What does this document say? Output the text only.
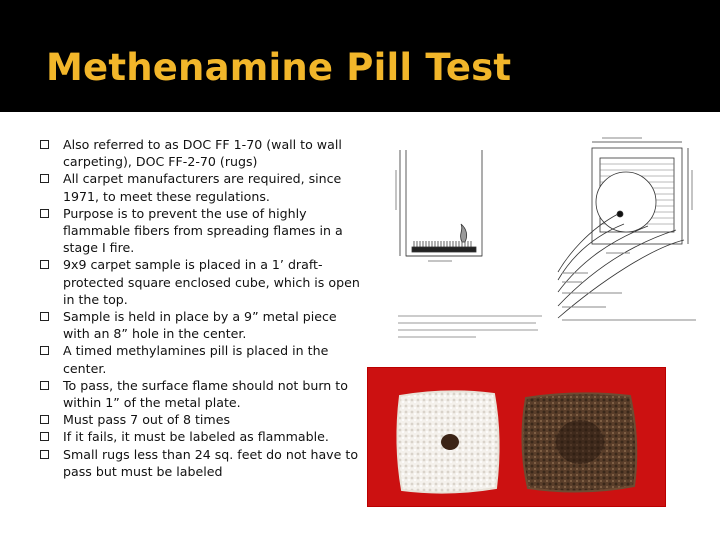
Methenamine Pill Test
Also referred to as DOC FF 1-70 (wall to wall carpeting), DOC FF-2-70 (rugs)
All carpet manufacturers are required, since 1971, to meet these regulations.
Purpose is to prevent the use of highly flammable fibers from spreading flames in a stage I fire.
9x9 carpet sample is placed in a 1’ draft-protected square enclosed cube, which is open in the top.
Sample is held in place by a 9” metal piece with an 8” hole in the center.
A timed methylamines pill is placed in the center.
To pass, the surface flame should not burn to within 1” of the metal plate.
Must pass 7 out of 8 times
If it fails, it must be labeled as flammable.
Small rugs less than 24 sq. feet do not have to pass but must be labeled
